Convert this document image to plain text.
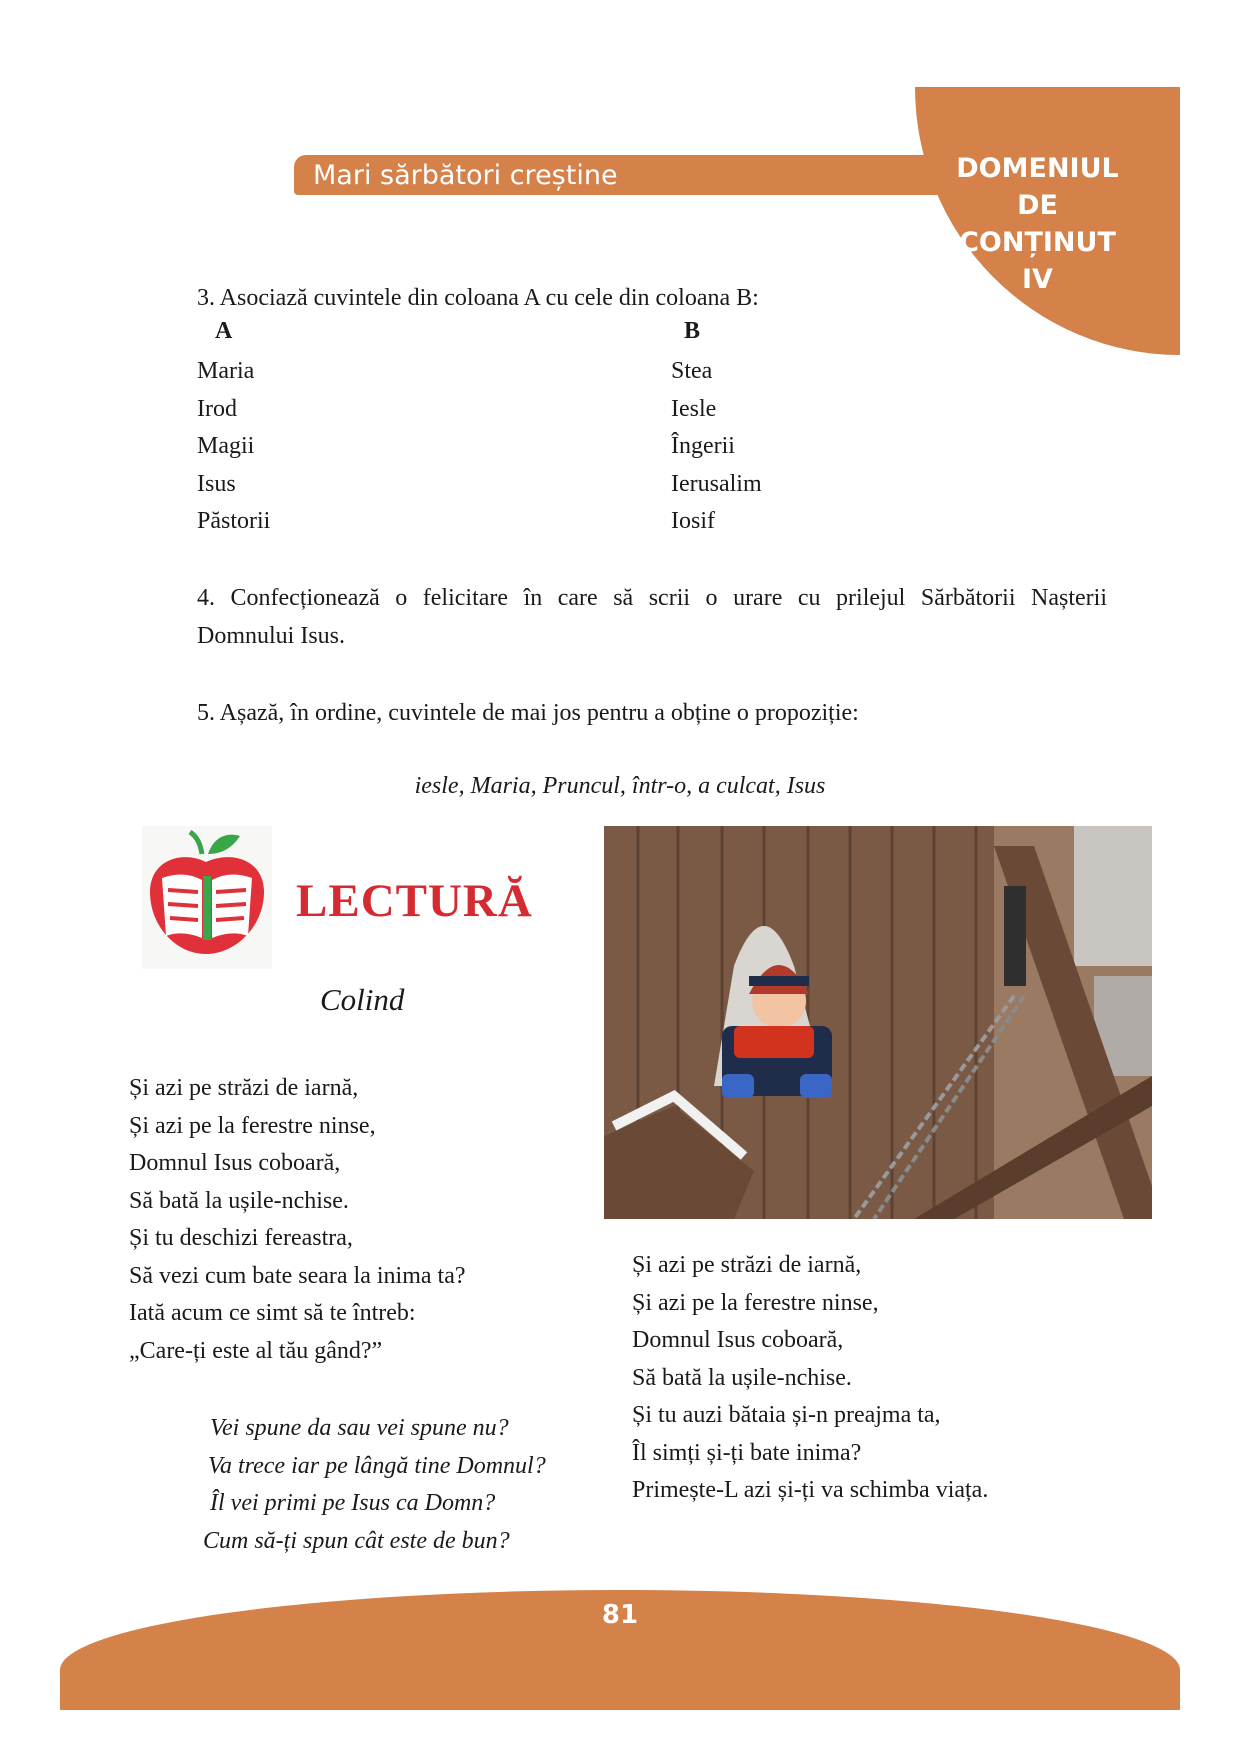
DOMENIUL
DE
CONȚINUT
IV
Mari sărbători creștine
3. Asociază cuvintele din coloana A cu cele din coloana B:
A	B
Maria
Irod
Magii
Isus
Păstorii
Stea
Iesle
Îngerii
Ierusalim
Iosif
4. Confecționează o felicitare în care să scrii o urare cu prilejul Sărbătorii Nașterii
Domnului Isus.
5. Așază, în ordine, cuvintele de mai jos pentru a obține o propoziție:
iesle, Maria, Pruncul, într-o, a culcat, Isus
LECTURĂ
Colind
Și azi pe străzi de iarnă,
Și azi pe la ferestre ninse,
Domnul Isus coboară,
Să bată la ușile-nchise.
Și tu deschizi fereastra,
Să vezi cum bate seara la inima ta?
Iată acum ce simt să te întreb:
„Care-ți este al tău gând?”
Vei spune da sau vei spune nu?
Va trece iar pe lângă tine Domnul?
Îl vei primi pe Isus ca Domn?
Cum să-ți spun cât este de bun?
Și azi pe străzi de iarnă,
Și azi pe la ferestre ninse,
Domnul Isus coboară,
Să bată la ușile-nchise.
Și tu auzi bătaia și-n preajma ta,
Îl simți și-ți bate inima?
Primește-L azi și-ți va schimba viața.
81
